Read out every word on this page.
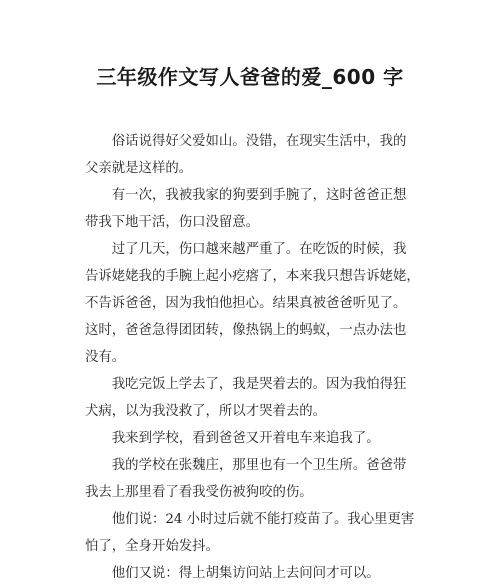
三年级作文写人爸爸的爱_600 字
俗话说得好父爱如山。没错，在现实生活中，我的
父亲就是这样的。
有一次，我被我家的狗要到手腕了，这时爸爸正想
带我下地干活，伤口没留意。
过了几天，伤口越来越严重了。在吃饭的时候，我
告诉姥姥我的手腕上起小疙瘩了，本来我只想告诉姥姥，
不告诉爸爸，因为我怕他担心。结果真被爸爸听见了。
这时，爸爸急得团团转，像热锅上的蚂蚁，一点办法也
没有。
我吃完饭上学去了，我是哭着去的。因为我怕得狂
犬病，以为我没救了，所以才哭着去的。
我来到学校，看到爸爸又开着电车来追我了。
我的学校在张魏庄，那里也有一个卫生所。爸爸带
我去上那里看了看我受伤被狗咬的伤。
他们说：24 小时过后就不能打疫苗了。我心里更害
怕了，全身开始发抖。
他们又说：得上胡集访问站上去问问才可以。
